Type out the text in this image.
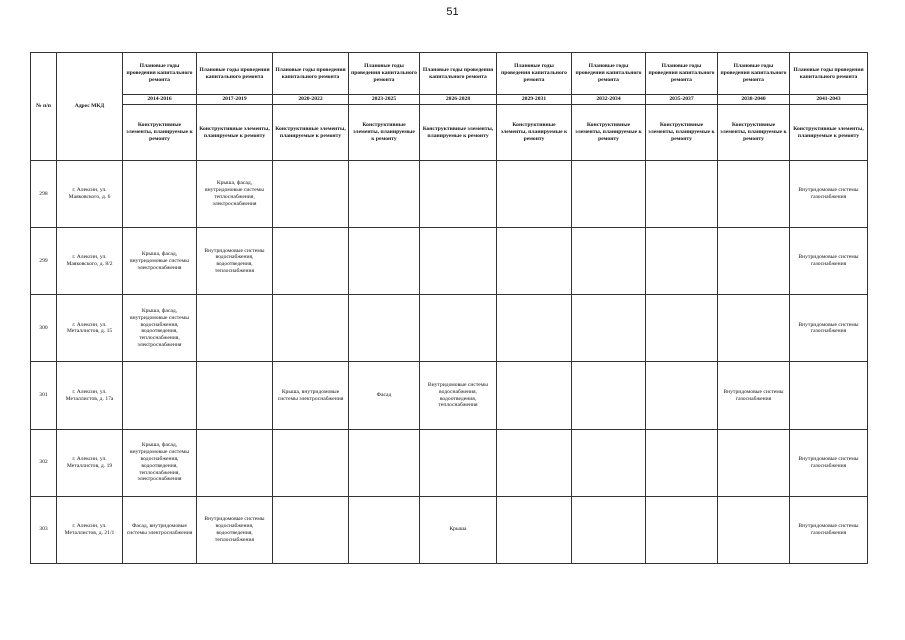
51
№ п/п	Адрес МКД	Плановые годы проведения капитального ремонта	Плановые годы проведения капитального ремонта	Плановые годы проведения капитального ремонта	Плановые годы проведения капитального ремонта	Плановые годы проведения капитального ремонта	Плановые годы проведения капитального ремонта	Плановые годы проведения капитального ремонта	Плановые годы проведения капитального ремонта	Плановые годы проведения капитального ремонта	Плановые годы проведения капитального ремонта
		2014-2016	2017-2019	2020-2022	2023-2025	2026-2028	2029-2031	2032-2034	2035-2037	2038-2040	2041-2043
		Конструктивные элементы, планируемые к ремонту	Конструктивные элементы, планируемые к ремонту	Конструктивные элементы, планируемые к ремонту	Конструктивные элементы, планируемые к ремонту	Конструктивные элементы, планируемые к ремонту	Конструктивные элементы, планируемые к ремонту	Конструктивные элементы, планируемые к ремонту	Конструктивные элементы, планируемые к ремонту	Конструктивные элементы, планируемые к ремонту	Конструктивные элементы, планируемые к ремонту
298	г. Алексин, ул. Маяковского, д. 6		Крыша, фасад, внутридомовые системы теплоснабжения, электроснабжения								Внутридомовые системы газоснабжения
299	г. Алексин, ул. Маяковского, д. 8/2	Крыша, фасад, внутридомовые системы электроснабжения	Внутридомовые системы водоснабжения, водоотведения, теплоснабжения								Внутридомовые системы газоснабжения
300	г. Алексин, ул. Металлистов, д. 15	Крыша, фасад, внутридомовые системы водоснабжения, водоотведения, теплоснабжения, электроснабжения									Внутридомовые системы газоснабжения
301	г. Алексин, ул. Металлистов, д. 17а			Крыша, внутридомовые системы электроснабжения	Фасад	Внутридомовые системы водоснабжения, водоотведения, теплоснабжения				Внутридомовые системы газоснабжения	
302	г. Алексин, ул. Металлистов, д. 19	Крыша, фасад, внутридомовые системы водоснабжения, водоотведения, теплоснабжения, электроснабжения									Внутридомовые системы газоснабжения
303	г. Алексин, ул. Металлистов, д. 21/1	Фасад, внутридомовые системы электроснабжения	Внутридомовые системы водоснабжения, водоотведения, теплоснабжения			Крыша					Внутридомовые системы газоснабжения
